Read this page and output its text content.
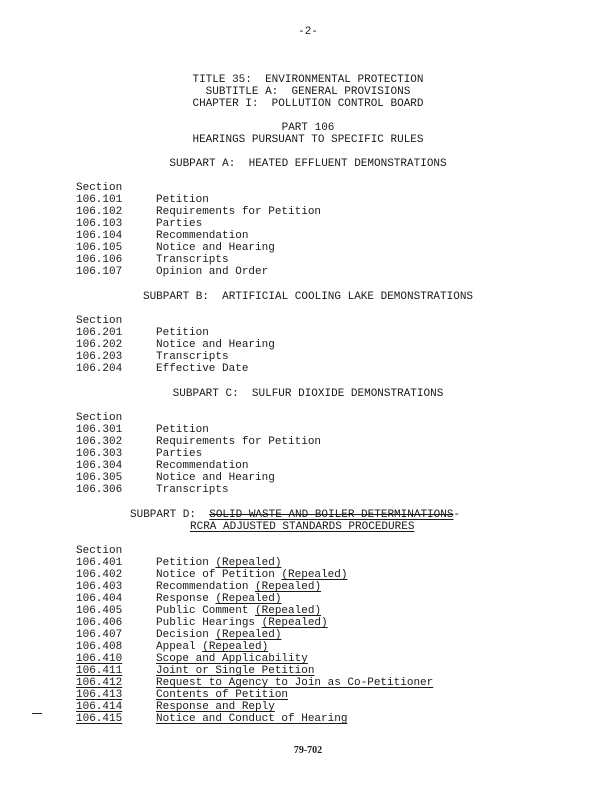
-2-
TITLE 35:  ENVIRONMENTAL PROTECTION
SUBTITLE A:  GENERAL PROVISIONS
CHAPTER I:  POLLUTION CONTROL BOARD
PART 106
HEARINGS PURSUANT TO SPECIFIC RULES
SUBPART A:  HEATED EFFLUENT DEMONSTRATIONS
Section
106.101	Petition
106.102	Requirements for Petition
106.103	Parties
106.104	Recommendation
106.105	Notice and Hearing
106.106	Transcripts
106.107	Opinion and Order
SUBPART B:  ARTIFICIAL COOLING LAKE DEMONSTRATIONS
Section
106.201	Petition
106.202	Notice and Hearing
106.203	Transcripts
106.204	Effective Date
SUBPART C:  SULFUR DIOXIDE DEMONSTRATIONS
Section
106.301	Petition
106.302	Requirements for Petition
106.303	Parties
106.304	Recommendation
106.305	Notice and Hearing
106.306	Transcripts
SUBPART D:  SOLID WASTE AND BOILER DETERMINATIONS-
RCRA ADJUSTED STANDARDS PROCEDURES
Section
106.401	Petition (Repealed)
106.402	Notice of Petition (Repealed)
106.403	Recommendation (Repealed)
106.404	Response (Repealed)
106.405	Public Comment (Repealed)
106.406	Public Hearings (Repealed)
106.407	Decision (Repealed)
106.408	Appeal (Repealed)
106.410	Scope and Applicability
106.411	Joint or Single Petition
106.412	Request to Agency to Join as Co-Petitioner
106.413	Contents of Petition
106.414	Response and Reply
106.415	Notice and Conduct of Hearing
79-702
